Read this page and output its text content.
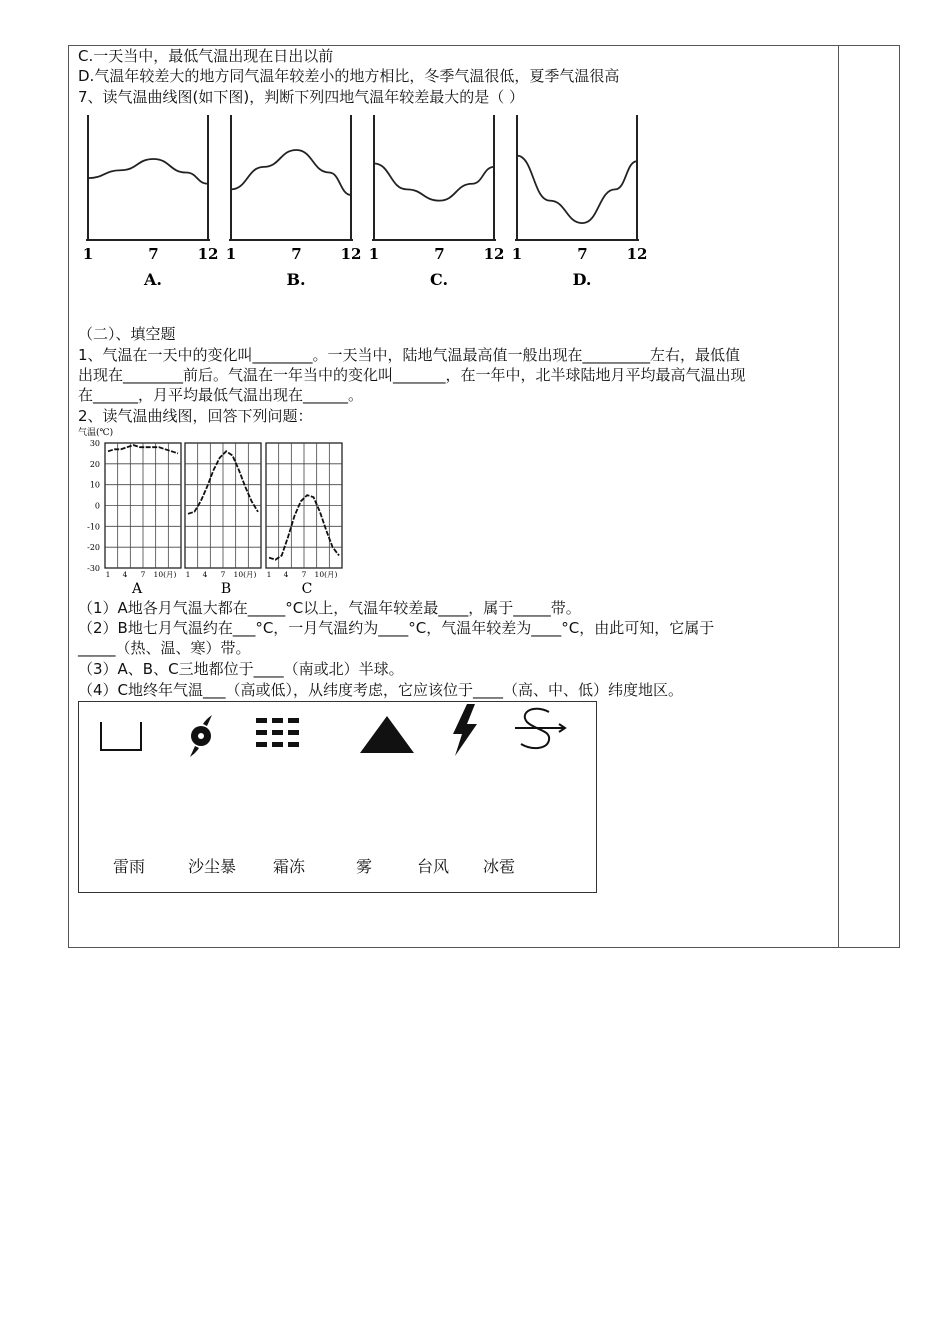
C.一天当中，最低气温出现在日出以前
D.气温年较差大的地方同气温年较差小的地方相比，冬季气温很低，夏季气温很高
7、读气温曲线图(如下图)，判断下列四地气温年较差最大的是（ ）
1	7	12
A.
1	7	12
B.
1	7	12
C.
1	7	12
D.
（二）、填空题
1、气温在一天中的变化叫________。一天当中，陆地气温最高值一般出现在_________左右，最低值
出现在________前后。气温在一年当中的变化叫_______，在一年中，北半球陆地月平均最高气温出现
在______，月平均最低气温出现在______。
2、读气温曲线图，回答下列问题：
气温(℃)
30
20
10
0
-10
-20
-30
1 4 7 10(月)
A
1 4 7 10(月)
B
1 4 7 10(月)
C
（1）A地各月气温大都在_____°C以上，气温年较差最____，属于_____带。
（2）B地七月气温约在___°C，一月气温约为____°C，气温年较差为____°C，由此可知，它属于
_____（热、温、寒）带。
（3）A、B、C三地都位于____（南或北）半球。
（4）C地终年气温___（高或低），从纬度考虑，它应该位于____（高、中、低）纬度地区。
雷雨	沙尘暴 霜冻	雾	台风 冰雹
